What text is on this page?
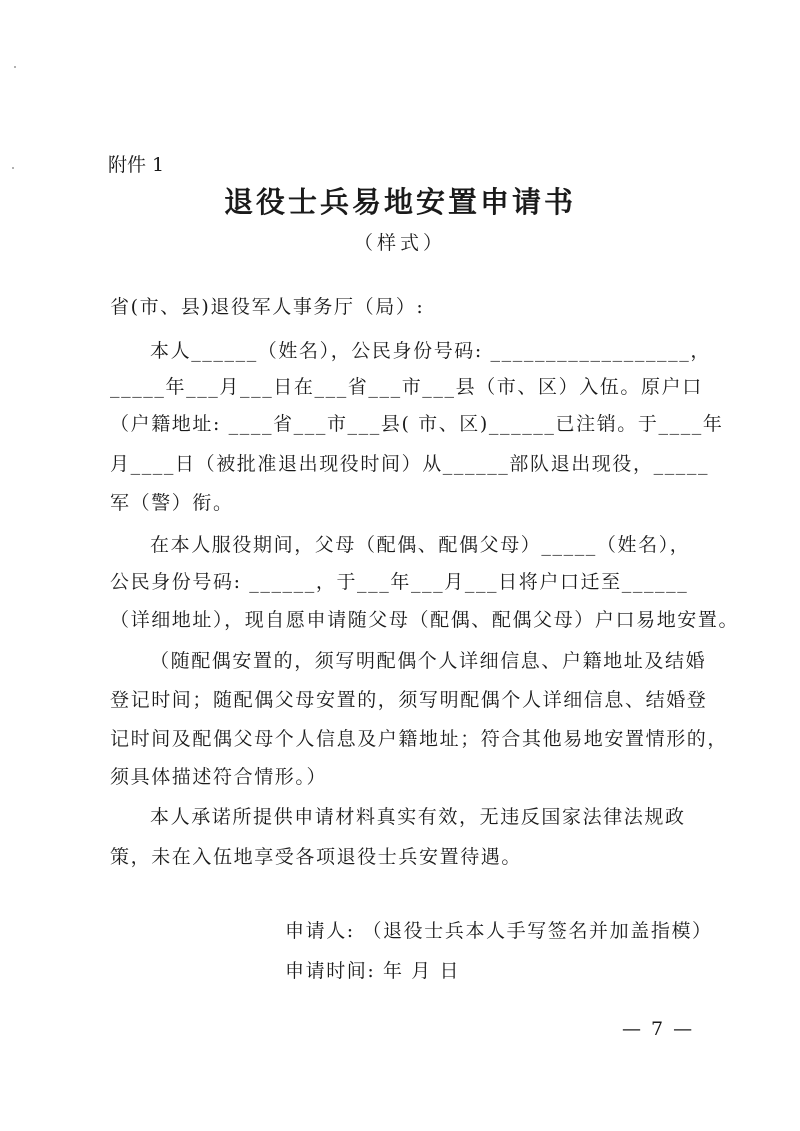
附件 1
退役士兵易地安置申请书
（样式）
省(市、县)退役军人事务厅（局）:
本人______（姓名），公民身份号码: __________________，
_____年___月___日在___省___市___县（市、区）入伍。原户口
（户籍地址: ____省___市___县( 市、区)______已注销。于____年
月____日（被批准退出现役时间）从______部队退出现役，_____
军（警）衔。
在本人服役期间，父母（配偶、配偶父母）_____（姓名），
公民身份号码: ______，于___年___月___日将户口迁至______
（详细地址），现自愿申请随父母（配偶、配偶父母）户口易地安置。
（随配偶安置的，须写明配偶个人详细信息、户籍地址及结婚
登记时间；随配偶父母安置的，须写明配偶个人详细信息、结婚登
记时间及配偶父母个人信息及户籍地址；符合其他易地安置情形的，
须具体描述符合情形。）
本人承诺所提供申请材料真实有效，无违反国家法律法规政
策，未在入伍地享受各项退役士兵安置待遇。
申请人: （退役士兵本人手写签名并加盖指模）
申请时间: 年 月 日
— 7 —
